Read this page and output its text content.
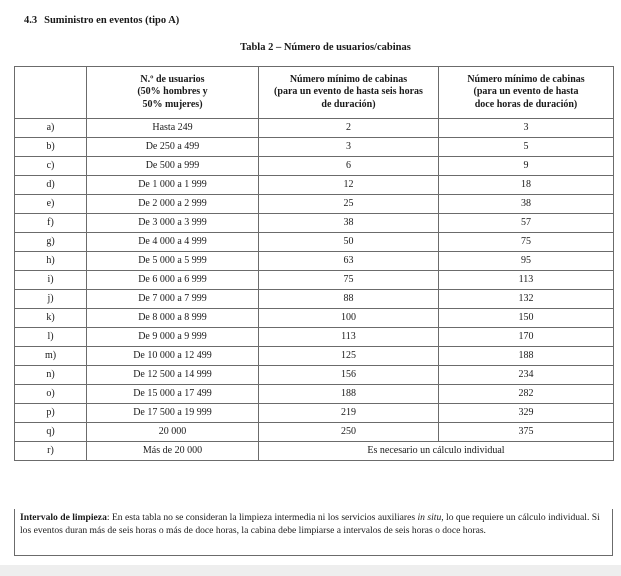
4.3 Suministro en eventos (tipo A)
Tabla 2 – Número de usuarios/cabinas
	N.º de usuarios
(50% hombres y
50% mujeres)	Número mínimo de cabinas
(para un evento de hasta seis horas
de duración)	Número mínimo de cabinas
(para un evento de hasta
doce horas de duración)
a)	Hasta 249	2	3
b)	De 250 a 499	3	5
c)	De 500 a 999	6	9
d)	De 1 000 a 1 999	12	18
e)	De 2 000 a 2 999	25	38
f)	De 3 000 a 3 999	38	57
g)	De 4 000 a 4 999	50	75
h)	De 5 000 a 5 999	63	95
i)	De 6 000 a 6 999	75	113
j)	De 7 000 a 7 999	88	132
k)	De 8 000 a 8 999	100	150
l)	De 9 000 a 9 999	113	170
m)	De 10 000 a 12 499	125	188
n)	De 12 500 a 14 999	156	234
o)	De 15 000 a 17 499	188	282
p)	De 17 500 a 19 999	219	329
q)	20 000	250	375
r)	Más de 20 000	Es necesario un cálculo individual	
Intervalo de limpieza: En esta tabla no se consideran la limpieza intermedia ni los servicios auxiliares in situ, lo que requiere un cálculo individual. Si los eventos duran más de seis horas o más de doce horas, la cabina debe limpiarse a intervalos de seis horas o doce horas.
